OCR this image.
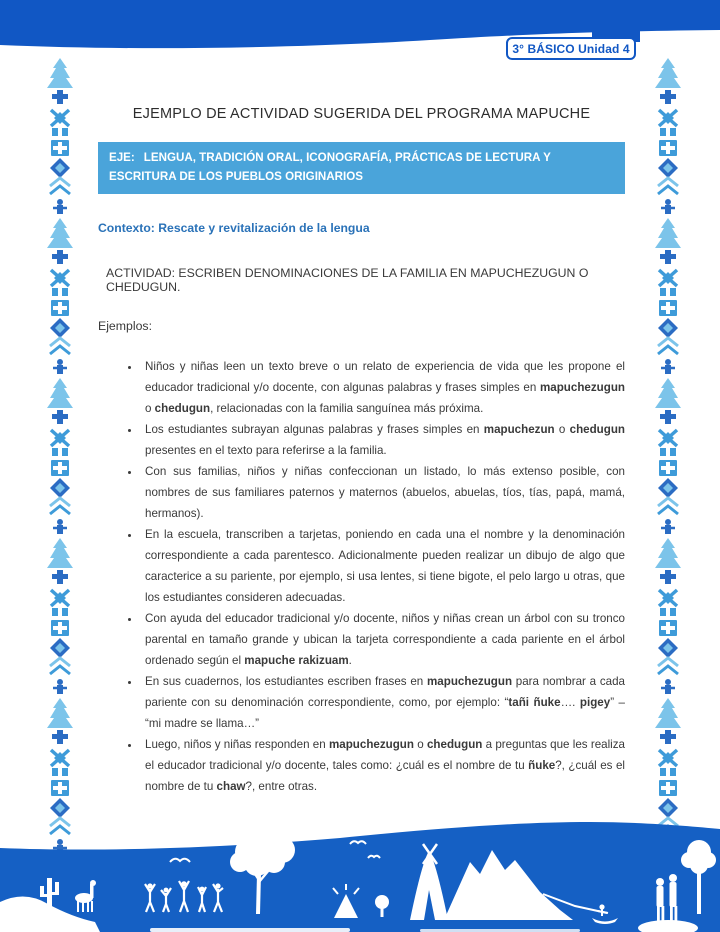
3° BÁSICO Unidad 4
EJEMPLO DE ACTIVIDAD SUGERIDA DEL PROGRAMA MAPUCHE
EJE: LENGUA, TRADICIÓN ORAL, ICONOGRAFÍA, PRÁCTICAS DE LECTURA Y ESCRITURA DE LOS PUEBLOS ORIGINARIOS
Contexto: Rescate y revitalización de la lengua
ACTIVIDAD: ESCRIBEN DENOMINACIONES DE LA FAMILIA EN MAPUCHEZUGUN O CHEDUGUN.
Ejemplos:
• Niños y niñas leen un texto breve o un relato de experiencia de vida que les propone el educador tradicional y/o docente, con algunas palabras y frases simples en mapuchezugun o chedugun, relacionadas con la familia sanguínea más próxima.
• Los estudiantes subrayan algunas palabras y frases simples en mapuchezun o chedugun presentes en el texto para referirse a la familia.
• Con sus familias, niños y niñas confeccionan un listado, lo más extenso posible, con nombres de sus familiares paternos y maternos (abuelos, abuelas, tíos, tías, papá, mamá, hermanos).
• En la escuela, transcriben a tarjetas, poniendo en cada una el nombre y la denominación correspondiente a cada parentesco. Adicionalmente pueden realizar un dibujo de algo que caracterice a su pariente, por ejemplo, si usa lentes, si tiene bigote, el pelo largo u otras, que los estudiantes consideren adecuadas.
• Con ayuda del educador tradicional y/o docente, niños y niñas crean un árbol con su tronco parental en tamaño grande y ubican la tarjeta correspondiente a cada pariente en el árbol ordenado según el mapuche rakizuam.
• En sus cuadernos, los estudiantes escriben frases en mapuchezugun para nombrar a cada pariente con su denominación correspondiente, como, por ejemplo: “tañi ñuke…. pigey” – “mi madre se llama…”
• Luego, niños y niñas responden en mapuchezugun o chedugun a preguntas que les realiza el educador tradicional y/o docente, tales como: ¿cuál es el nombre de tu ñuke?, ¿cuál es el nombre de tu chaw?, entre otras.
